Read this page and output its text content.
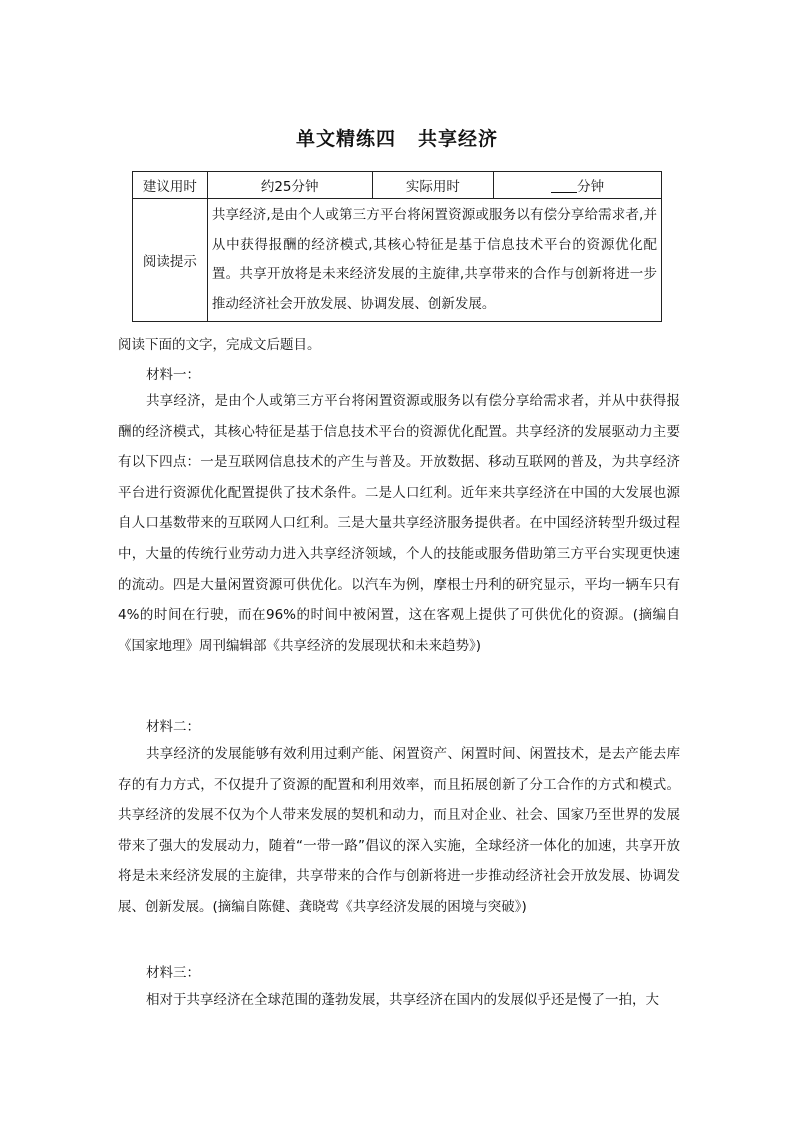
单文精练四 共享经济
建议用时	约25分钟	实际用时	分钟
阅读提示	共享经济,是由个人或第三方平台将闲置资源或服务以有偿分享给需求者,并从中获得报酬的经济模式,其核心特征是基于信息技术平台的资源优化配置。共享开放将是未来经济发展的主旋律,共享带来的合作与创新将进一步推动经济社会开放发展、协调发展、创新发展。		
阅读下面的文字，完成文后题目。
材料一：
共享经济，是由个人或第三方平台将闲置资源或服务以有偿分享给需求者，并从中获得报酬的经济模式，其核心特征是基于信息技术平台的资源优化配置。共享经济的发展驱动力主要有以下四点：一是互联网信息技术的产生与普及。开放数据、移动互联网的普及，为共享经济平台进行资源优化配置提供了技术条件。二是人口红利。近年来共享经济在中国的大发展也源自人口基数带来的互联网人口红利。三是大量共享经济服务提供者。在中国经济转型升级过程中，大量的传统行业劳动力进入共享经济领域，个人的技能或服务借助第三方平台实现更快速的流动。四是大量闲置资源可供优化。以汽车为例，摩根士丹利的研究显示，平均一辆车只有4%的时间在行驶，而在96%的时间中被闲置，这在客观上提供了可供优化的资源。(摘编自《国家地理》周刊编辑部《共享经济的发展现状和未来趋势》)
材料二：
共享经济的发展能够有效利用过剩产能、闲置资产、闲置时间、闲置技术，是去产能去库存的有力方式，不仅提升了资源的配置和利用效率，而且拓展创新了分工合作的方式和模式。共享经济的发展不仅为个人带来发展的契机和动力，而且对企业、社会、国家乃至世界的发展带来了强大的发展动力，随着“一带一路”倡议的深入实施，全球经济一体化的加速，共享开放将是未来经济发展的主旋律，共享带来的合作与创新将进一步推动经济社会开放发展、协调发展、创新发展。(摘编自陈健、龚晓莺《共享经济发展的困境与突破》)
材料三：
相对于共享经济在全球范围的蓬勃发展，共享经济在国内的发展似乎还是慢了一拍，大
